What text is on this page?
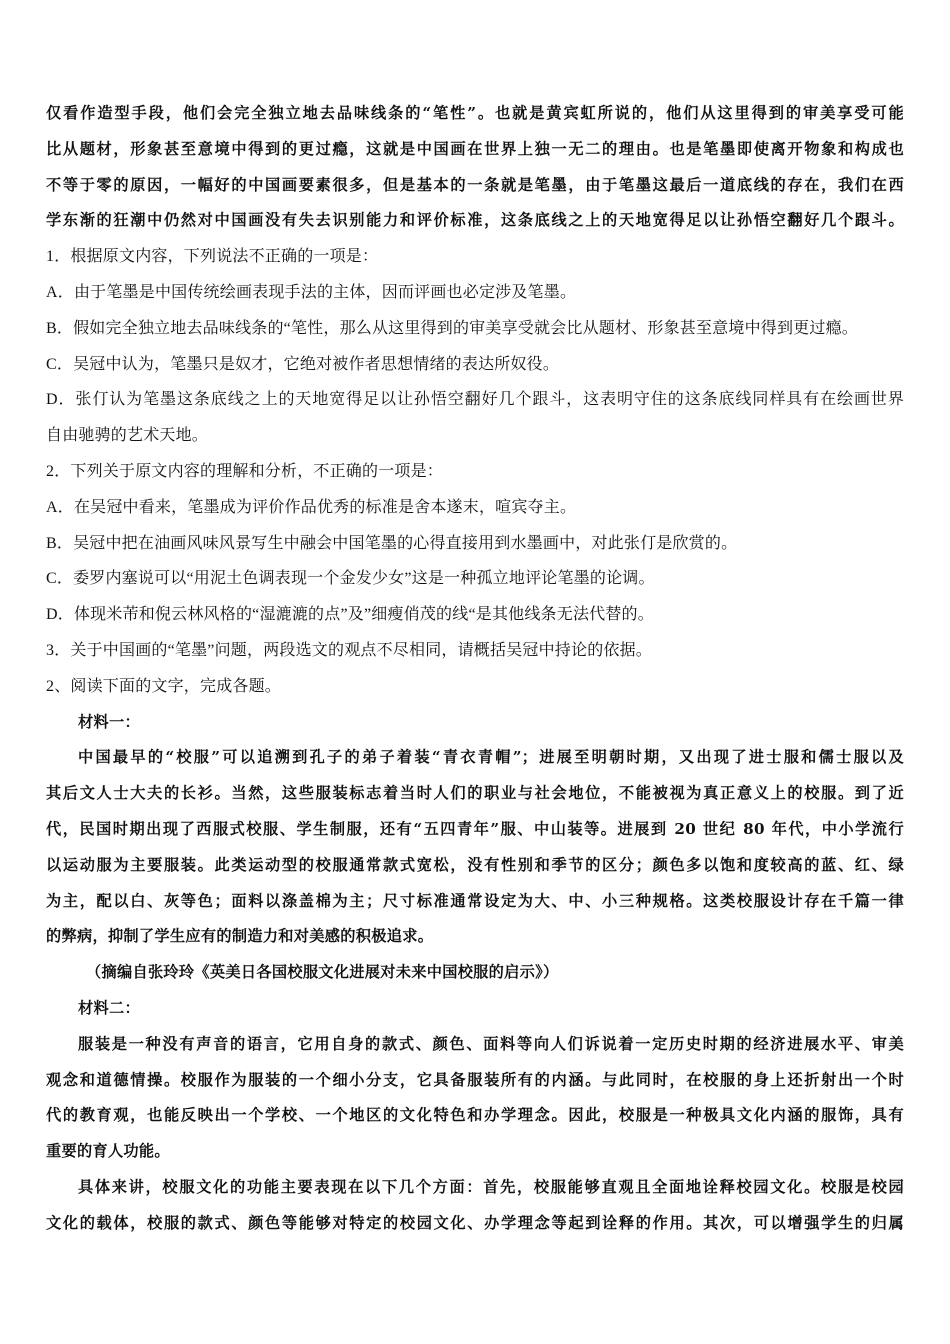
仅看作造型手段，他们会完全独立地去品味线条的“笔性”。也就是黄宾虹所说的，他们从这里得到的审美享受可能
比从题材，形象甚至意境中得到的更过瘾，这就是中国画在世界上独一无二的理由。也是笔墨即使离开物象和构成也
不等于零的原因，一幅好的中国画要素很多，但是基本的一条就是笔墨，由于笔墨这最后一道底线的存在，我们在西
学东渐的狂潮中仍然对中国画没有失去识别能力和评价标准，这条底线之上的天地宽得足以让孙悟空翻好几个跟斗。
1．根据原文内容，下列说法不正确的一项是：
A．由于笔墨是中国传统绘画表现手法的主体，因而评画也必定涉及笔墨。
B．假如完全独立地去品味线条的“笔性，那么从这里得到的审美享受就会比从题材、形象甚至意境中得到更过瘾。
C．吴冠中认为，笔墨只是奴才，它绝对被作者思想情绪的表达所奴役。
D．张仃认为笔墨这条底线之上的天地宽得足以让孙悟空翻好几个跟斗，这表明守住的这条底线同样具有在绘画世界
自由驰骋的艺术天地。
2．下列关于原文内容的理解和分析，不正确的一项是：
A．在吴冠中看来，笔墨成为评价作品优秀的标准是舍本遂末，喧宾夺主。
B．吴冠中把在油画风味风景写生中融会中国笔墨的心得直接用到水墨画中，对此张仃是欣赏的。
C．委罗内塞说可以“用泥土色调表现一个金发少女”这是一种孤立地评论笔墨的论调。
D．体现米芾和倪云林风格的“湿漉漉的点”及”细瘦俏茂的线“是其他线条无法代替的。
3．关于中国画的“笔墨”问题，两段选文的观点不尽相同，请概括吴冠中持论的依据。
2、阅读下面的文字，完成各题。
材料一：
中国最早的“校服”可以追溯到孔子的弟子着装“青衣青帽”；进展至明朝时期，又出现了进士服和儒士服以及
其后文人士大夫的长衫。当然，这些服装标志着当时人们的职业与社会地位，不能被视为真正意义上的校服。到了近
代，民国时期出现了西服式校服、学生制服，还有“五四青年”服、中山装等。进展到 20 世纪 80 年代，中小学流行
以运动服为主要服装。此类运动型的校服通常款式宽松，没有性别和季节的区分；颜色多以饱和度较高的蓝、红、绿
为主，配以白、灰等色；面料以涤盖棉为主；尺寸标准通常设定为大、中、小三种规格。这类校服设计存在千篇一律
的弊病，抑制了学生应有的制造力和对美感的积极追求。
（摘编自张玲玲《英美日各国校服文化进展对未来中国校服的启示》）
材料二：
服装是一种没有声音的语言，它用自身的款式、颜色、面料等向人们诉说着一定历史时期的经济进展水平、审美
观念和道德情操。校服作为服装的一个细小分支，它具备服装所有的内涵。与此同时，在校服的身上还折射出一个时
代的教育观，也能反映出一个学校、一个地区的文化特色和办学理念。因此，校服是一种极具文化内涵的服饰，具有
重要的育人功能。
具体来讲，校服文化的功能主要表现在以下几个方面：首先，校服能够直观且全面地诠释校园文化。校服是校园
文化的载体，校服的款式、颜色等能够对特定的校园文化、办学理念等起到诠释的作用。其次，可以增强学生的归属
